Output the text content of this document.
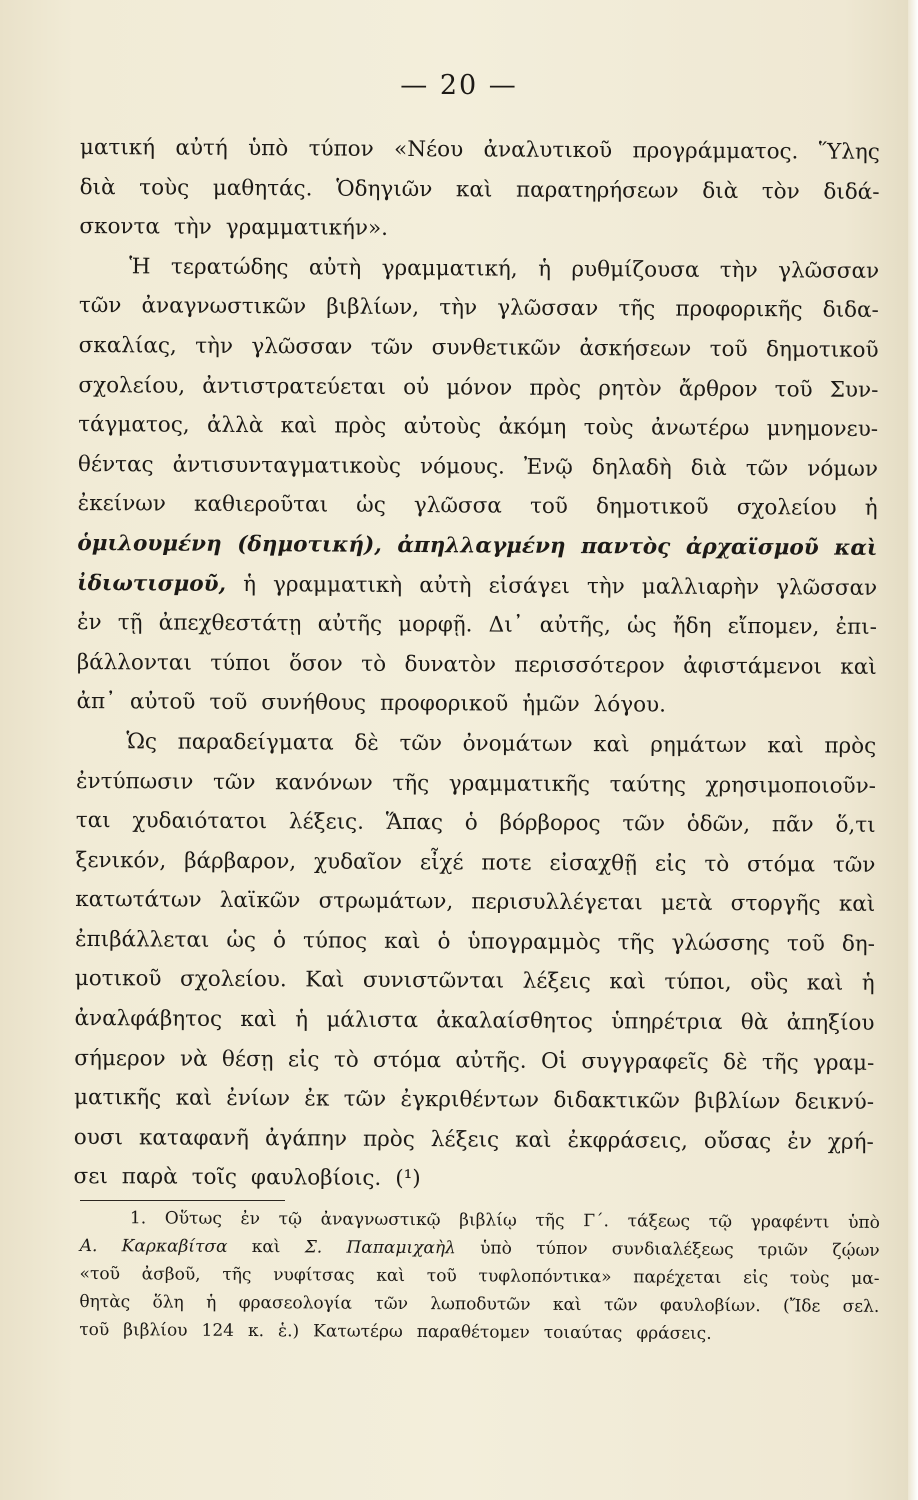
— 20 —
ματική αὐτή ὑπὸ τύπον «Νέου ἀναλυτικοῦ προγράμματος. Ὕλης
διὰ τοὺς μαθητάς. Ὁδηγιῶν καὶ παρατηρήσεων διὰ τὸν διδά-
σκοντα τὴν γραμματικήν».
Ἡ τερατώδης αὐτὴ γραμματική, ἡ ρυθμίζουσα τὴν γλῶσσαν
τῶν ἀναγνωστικῶν βιβλίων, τὴν γλῶσσαν τῆς προφορικῆς διδα-
σκαλίας, τὴν γλῶσσαν τῶν συνθετικῶν ἀσκήσεων τοῦ δημοτικοῦ
σχολείου, ἀντιστρατεύεται οὐ μόνον πρὸς ρητὸν ἄρθρον τοῦ Συν-
τάγματος, ἀλλὰ καὶ πρὸς αὐτοὺς ἀκόμη τοὺς ἀνωτέρω μνημονευ-
θέντας ἀντισυνταγματικοὺς νόμους. Ἐνῷ δηλαδὴ διὰ τῶν νόμων
ἐκείνων καθιεροῦται ὡς γλῶσσα τοῦ δημοτικοῦ σχολείου ἡ
ὁμιλουμένη (δημοτική), ἀπηλλαγμένη παντὸς ἀρχαϊσμοῦ καὶ
ἰδιωτισμοῦ, ἡ γραμματικὴ αὐτὴ εἰσάγει τὴν μαλλιαρὴν γλῶσσαν
ἐν τῇ ἀπεχθεστάτῃ αὐτῆς μορφῇ. Δι᾽ αὐτῆς, ὡς ἤδη εἴπομεν, ἐπι-
βάλλονται τύποι ὅσον τὸ δυνατὸν περισσότερον ἀφιστάμενοι καὶ
ἀπ᾽ αὐτοῦ τοῦ συνήθους προφορικοῦ ἡμῶν λόγου.
Ὡς παραδείγματα δὲ τῶν ὀνομάτων καὶ ρημάτων καὶ πρὸς
ἐντύπωσιν τῶν κανόνων τῆς γραμματικῆς ταύτης χρησιμοποιοῦν-
ται χυδαιότατοι λέξεις. Ἅπας ὁ βόρβορος τῶν ὁδῶν, πᾶν ὅ,τι
ξενικόν, βάρβαρον, χυδαῖον εἶχέ ποτε εἰσαχθῇ εἰς τὸ στόμα τῶν
κατωτάτων λαϊκῶν στρωμάτων, περισυλλέγεται μετὰ στοργῆς καὶ
ἐπιβάλλεται ὡς ὁ τύπος καὶ ὁ ὑπογραμμὸς τῆς γλώσσης τοῦ δη-
μοτικοῦ σχολείου. Καὶ συνιστῶνται λέξεις καὶ τύποι, οὓς καὶ ἡ
ἀναλφάβητος καὶ ἡ μάλιστα ἀκαλαίσθητος ὑπηρέτρια θὰ ἀπηξίου
σήμερον νὰ θέσῃ εἰς τὸ στόμα αὐτῆς. Οἱ συγγραφεῖς δὲ τῆς γραμ-
ματικῆς καὶ ἐνίων ἐκ τῶν ἐγκριθέντων διδακτικῶν βιβλίων δεικνύ-
ουσι καταφανῆ ἀγάπην πρὸς λέξεις καὶ ἐκφράσεις, οὔσας ἐν χρή-
σει παρὰ τοῖς φαυλοβίοις. (¹)
1. Οὕτως ἐν τῷ ἀναγνωστικῷ βιβλίῳ τῆς Γ΄. τάξεως τῷ γραφέντι ὑπὸ
Α. Καρκαβίτσα καὶ Σ. Παπαμιχαὴλ ὑπὸ τύπον συνδιαλέξεως τριῶν ζῴων
«τοῦ ἀσβοῦ, τῆς νυφίτσας καὶ τοῦ τυφλοπόντικα» παρέχεται εἰς τοὺς μα-
θητὰς ὅλη ἡ φρασεολογία τῶν λωποδυτῶν καὶ τῶν φαυλοβίων. (Ἴδε σελ.
τοῦ βιβλίου 124 κ. ἑ.) Κατωτέρω παραθέτομεν τοιαύτας φράσεις.
